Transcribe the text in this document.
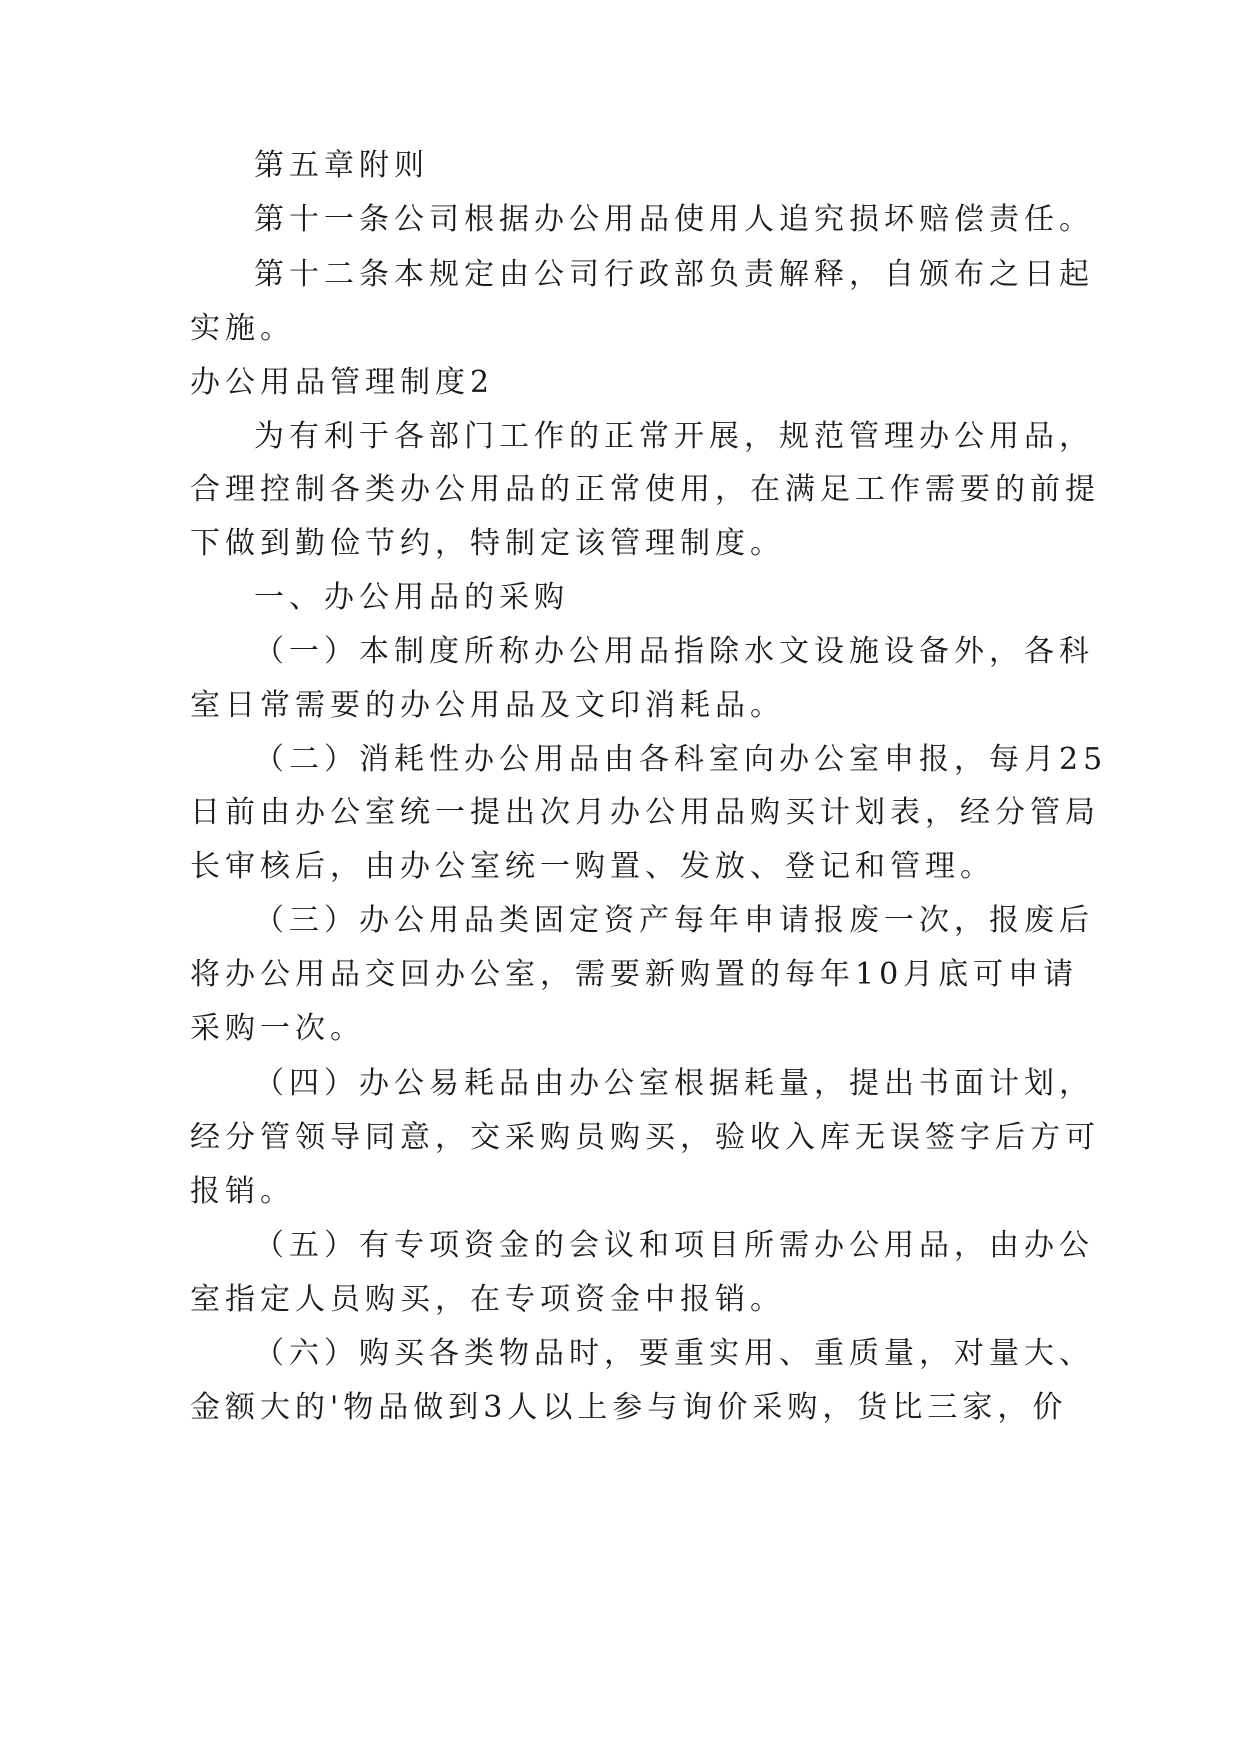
第五章附则
第十一条公司根据办公用品使用人追究损坏赔偿责任。
第十二条本规定由公司行政部负责解释，自颁布之日起
实施。
办公用品管理制度2
为有利于各部门工作的正常开展，规范管理办公用品，
合理控制各类办公用品的正常使用，在满足工作需要的前提
下做到勤俭节约，特制定该管理制度。
一、办公用品的采购
（一）本制度所称办公用品指除水文设施设备外，各科
室日常需要的办公用品及文印消耗品。
（二）消耗性办公用品由各科室向办公室申报，每月25
日前由办公室统一提出次月办公用品购买计划表，经分管局
长审核后，由办公室统一购置、发放、登记和管理。
（三）办公用品类固定资产每年申请报废一次，报废后
将办公用品交回办公室，需要新购置的每年10月底可申请
采购一次。
（四）办公易耗品由办公室根据耗量，提出书面计划，
经分管领导同意，交采购员购买，验收入库无误签字后方可
报销。
（五）有专项资金的会议和项目所需办公用品，由办公
室指定人员购买，在专项资金中报销。
（六）购买各类物品时，要重实用、重质量，对量大、
金额大的'物品做到3人以上参与询价采购，货比三家，价
